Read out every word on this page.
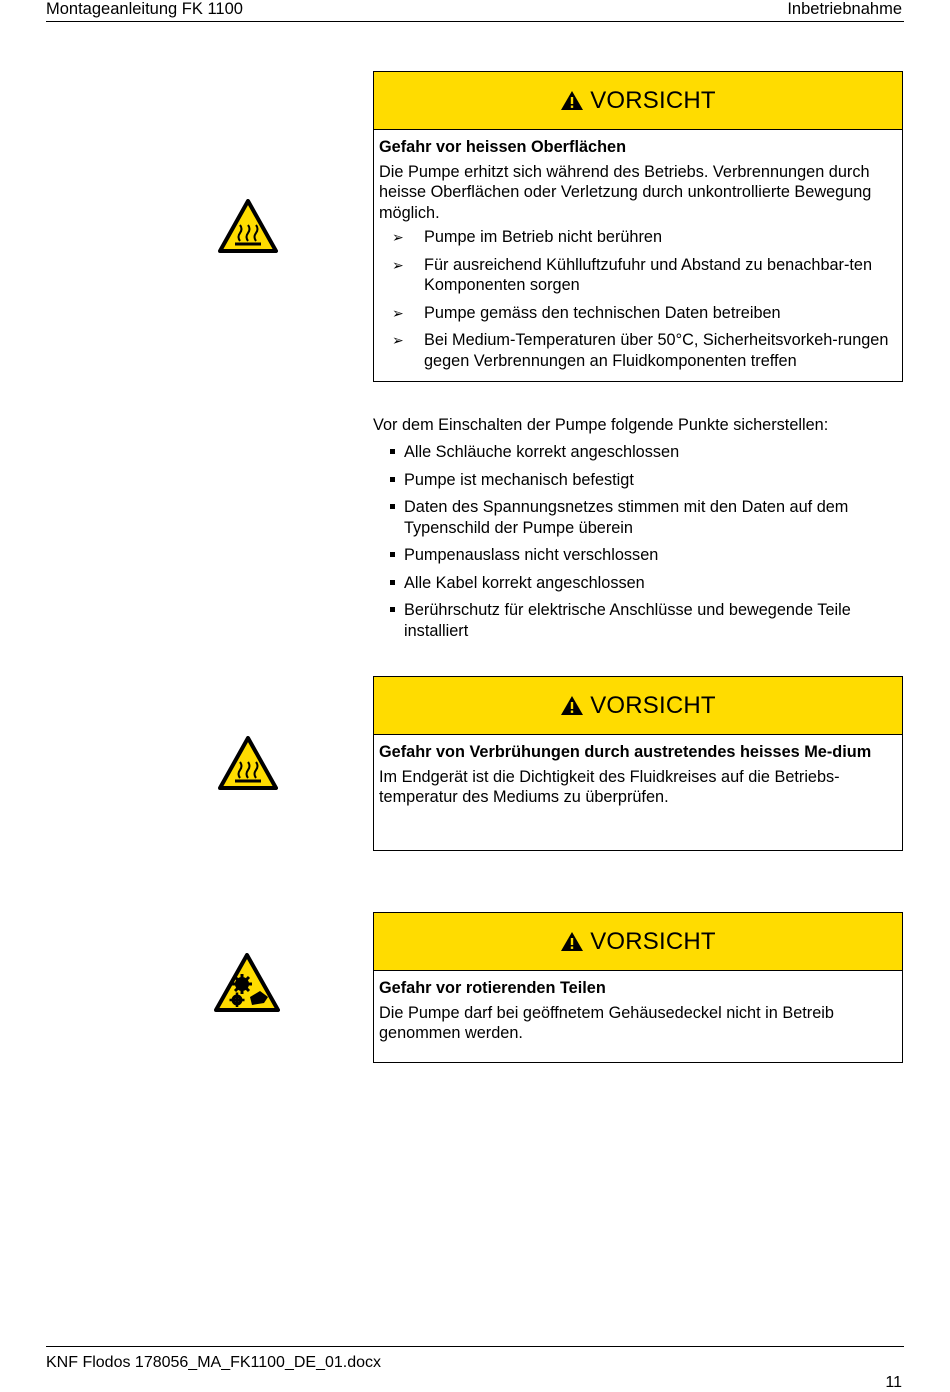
Montageanleitung FK 1100	Inbetriebnahme
VORSICHT
Gefahr vor heissen Oberflächen
Die Pumpe erhitzt sich während des Betriebs. Verbrennungen durch heisse Oberflächen oder Verletzung durch unkontrollierte Bewegung möglich.
➢ Pumpe im Betrieb nicht berühren
➢ Für ausreichend Kühlluftzufuhr und Abstand zu benachbar-ten Komponenten sorgen
➢ Pumpe gemäss den technischen Daten betreiben
➢ Bei Medium-Temperaturen über 50°C, Sicherheitsvorkeh-rungen gegen Verbrennungen an Fluidkomponenten treffen
Vor dem Einschalten der Pumpe folgende Punkte sicherstellen:
Alle Schläuche korrekt angeschlossen
Pumpe ist mechanisch befestigt
Daten des Spannungsnetzes stimmen mit den Daten auf dem Typenschild der Pumpe überein
Pumpenauslass nicht verschlossen
Alle Kabel korrekt angeschlossen
Berührschutz für elektrische Anschlüsse und bewegende Teile installiert
VORSICHT
Gefahr von Verbrühungen durch austretendes heisses Me-dium
Im Endgerät ist die Dichtigkeit des Fluidkreises auf die Betriebs-temperatur des Mediums zu überprüfen.
VORSICHT
Gefahr vor rotierenden Teilen
Die Pumpe darf bei geöffnetem Gehäusedeckel nicht in Betreib genommen werden.
KNF Flodos 178056_MA_FK1100_DE_01.docx
11
